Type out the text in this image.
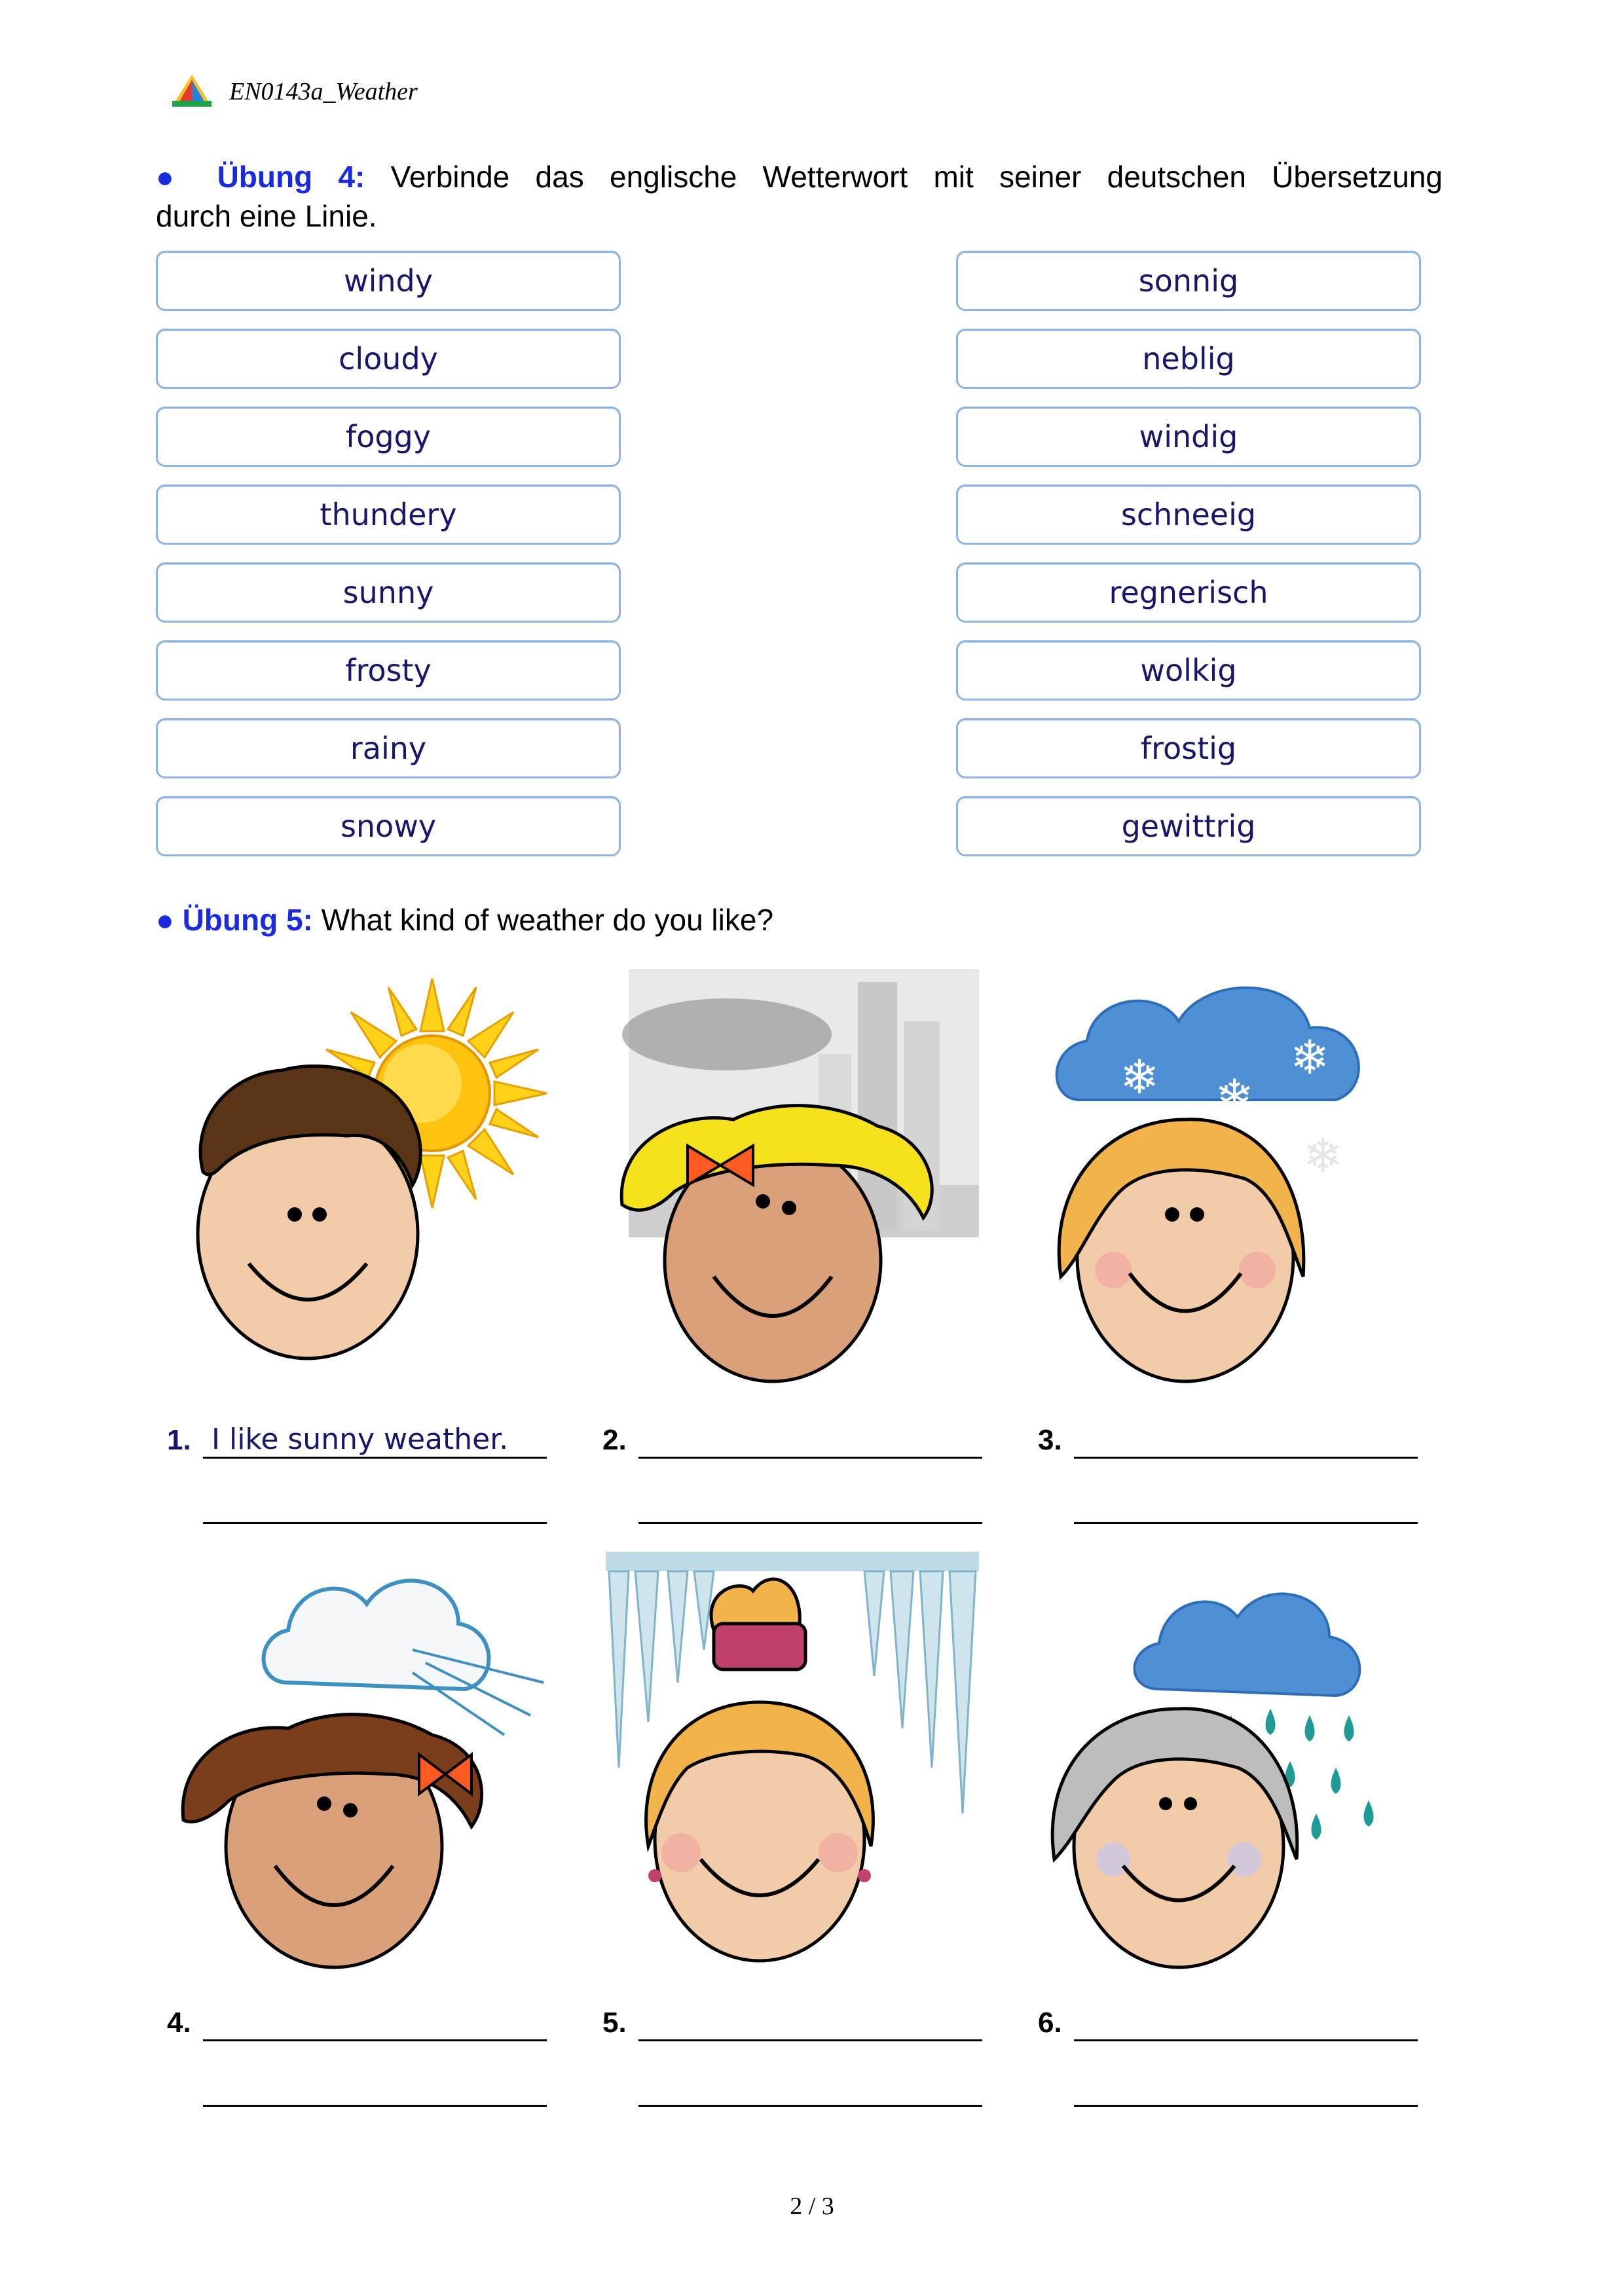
EN0143a_Weather
● Übung 4: Verbinde das englische Wetterwort mit seiner deutschen Übersetzung
durch eine Linie.
windy
cloudy
foggy
thundery
sunny
frosty
rainy
snowy
sonnig
neblig
windig
schneeig
regnerisch
wolkig
frostig
gewittrig
● Übung 5: What kind of weather do you like?
❄ ❄
❄
❄
1. I like sunny weather.	2.	3.
4.	5.	6.
2 / 3
